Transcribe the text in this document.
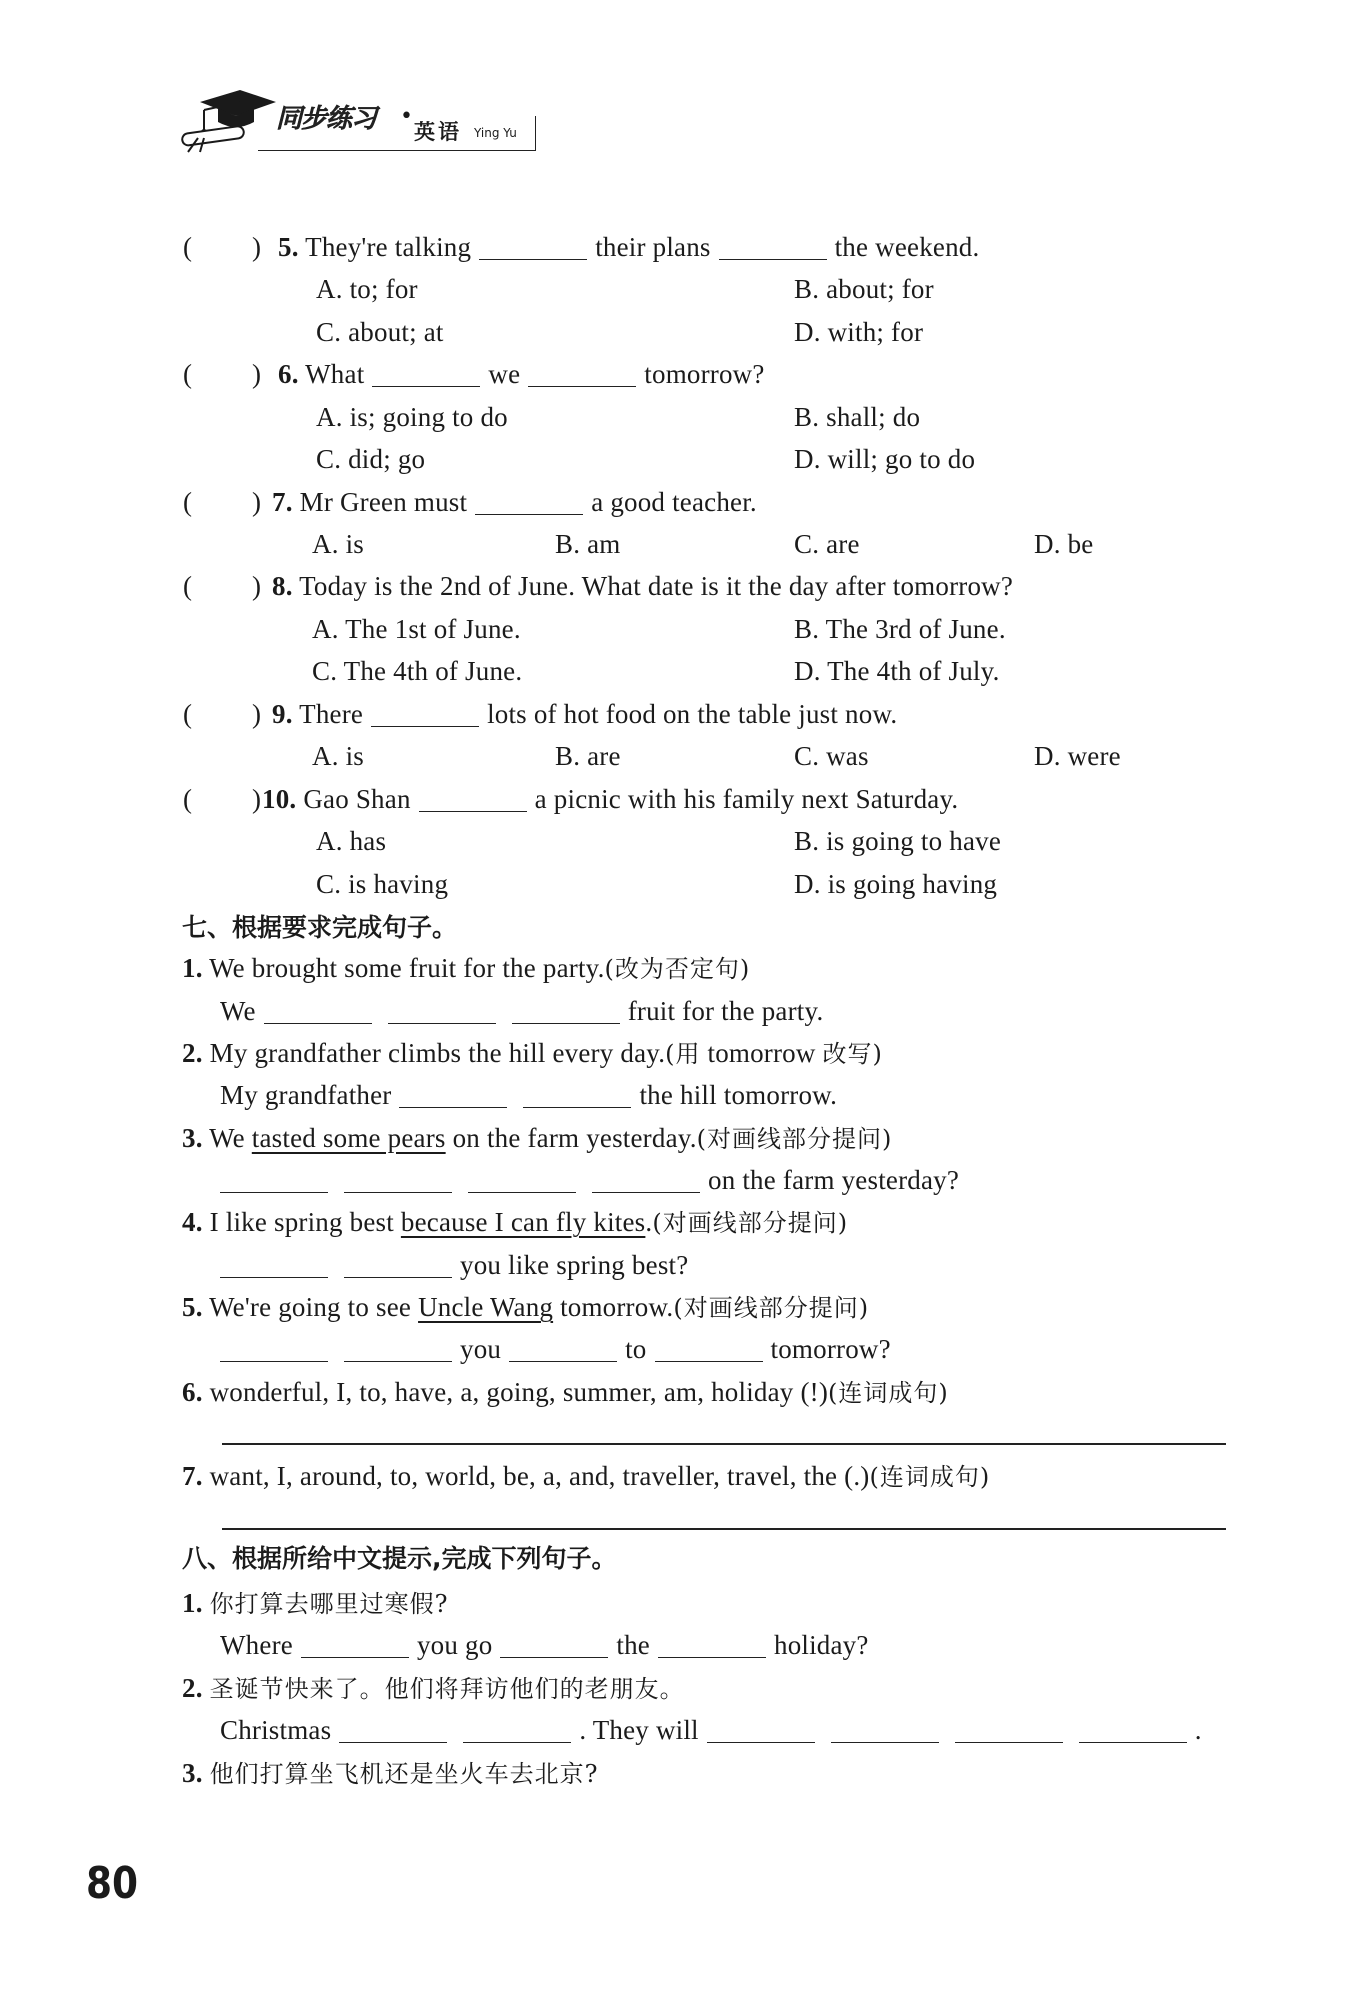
同步练习 •
英语 Ying Yu
( ) 5. They're talking	their plans	the weekend.
A. to; for	B. about; for
C. about; at	D. with; for
( ) 6. What	we	tomorrow?
A. is; going to do	B. shall; do
C. did; go	D. will; go to do
( ) 7. Mr Green must	a good teacher.
A. is	B. am	C. are	D. be
( ) 8. Today is the 2nd of June. What date is it the day after tomorrow?
A. The 1st of June.	B. The 3rd of June.
C. The 4th of June.	D. The 4th of July.
( ) 9. There	lots of hot food on the table just now.
A. is	B. are	C. was	D. were
( ) 10. Gao Shan	a picnic with his family next Saturday.
A. has	B. is going to have
C. is having	D. is going having
七、根据要求完成句子。
1. We brought some fruit for the party.(改为否定句)
We	fruit for the party.
2. My grandfather climbs the hill every day.(用 tomorrow 改写)
My grandfather	the hill tomorrow.
3. We tasted some pears on the farm yesterday.(对画线部分提问)
on the farm yesterday?
4. I like spring best because I can fly kites.(对画线部分提问)
you like spring best?
5. We're going to see Uncle Wang tomorrow.(对画线部分提问)
you	to	tomorrow?
6. wonderful, I, to, have, a, going, summer, am, holiday (!)(连词成句)
7. want, I, around, to, world, be, a, and, traveller, travel, the (.)(连词成句)
八、根据所给中文提示,完成下列句子。
1. 你打算去哪里过寒假?
Where	you go	the	holiday?
2. 圣诞节快来了。他们将拜访他们的老朋友。
Christmas	. They will	.
3. 他们打算坐飞机还是坐火车去北京?
80
